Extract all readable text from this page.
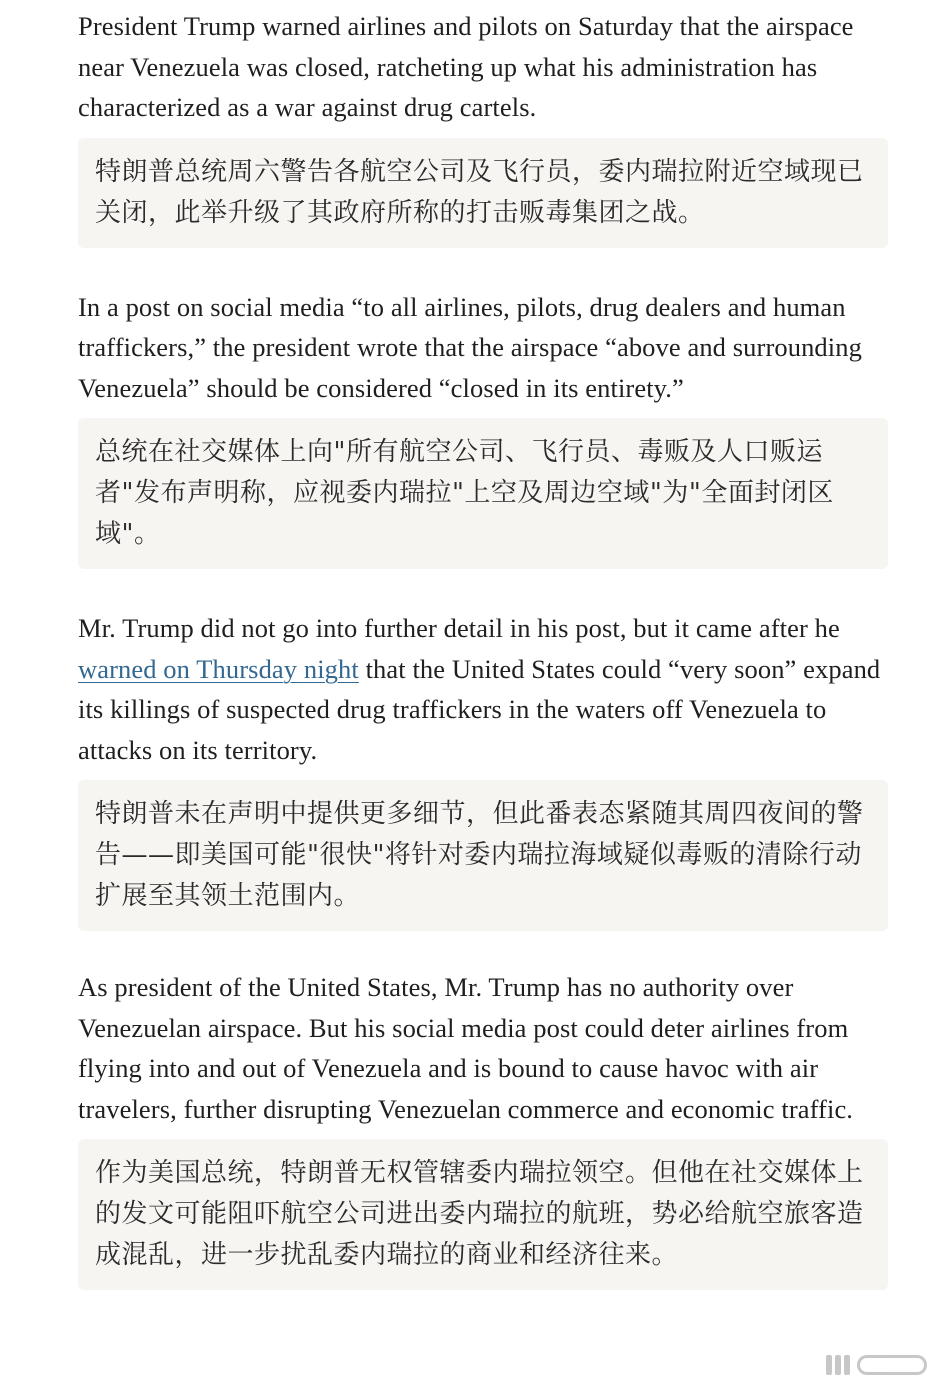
President Trump warned airlines and pilots on Saturday that the airspace near Venezuela was closed, ratcheting up what his administration has characterized as a war against drug cartels.

特朗普总统周六警告各航空公司及飞行员，委内瑞拉附近空域现已关闭，此举升级了其政府所称的打击贩毒集团之战。

In a post on social media “to all airlines, pilots, drug dealers and human traffickers,” the president wrote that the airspace “above and surrounding Venezuela” should be considered “closed in its entirety.”

总统在社交媒体上向"所有航空公司、飞行员、毒贩及人口贩运者"发布声明称，应视委内瑞拉"上空及周边空域"为"全面封闭区域"。

Mr. Trump did not go into further detail in his post, but it came after he warned on Thursday night that the United States could “very soon” expand its killings of suspected drug traffickers in the waters off Venezuela to attacks on its territory.

特朗普未在声明中提供更多细节，但此番表态紧随其周四夜间的警告——即美国可能"很快"将针对委内瑞拉海域疑似毒贩的清除行动扩展至其领土范围内。

As president of the United States, Mr. Trump has no authority over Venezuelan airspace. But his social media post could deter airlines from flying into and out of Venezuela and is bound to cause havoc with air travelers, further disrupting Venezuelan commerce and economic traffic.

作为美国总统，特朗普无权管辖委内瑞拉领空。但他在社交媒体上的发文可能阻吓航空公司进出委内瑞拉的航班，势必给航空旅客造成混乱，进一步扰乱委内瑞拉的商业和经济往来。
